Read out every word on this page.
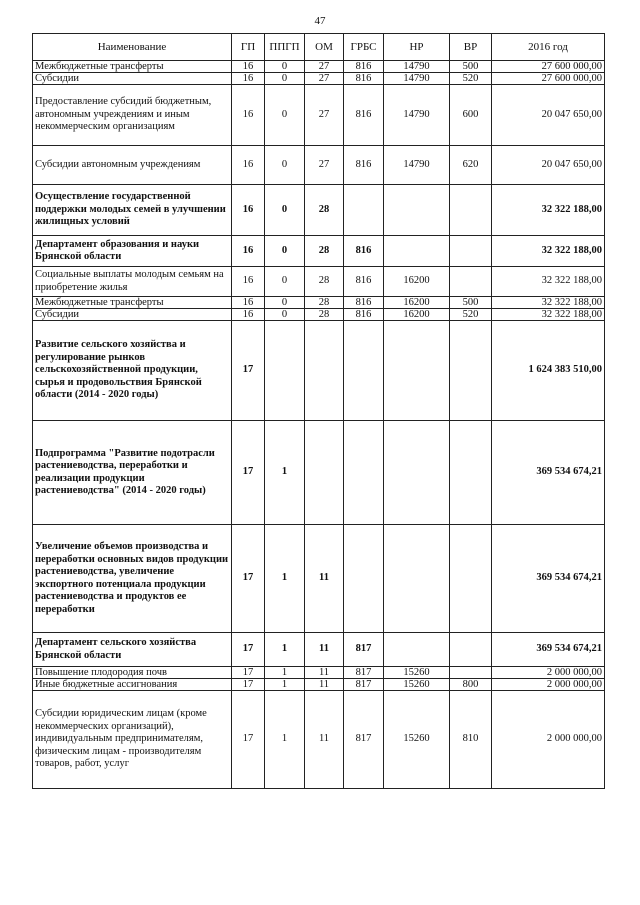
47
Наименование	ГП	ППГП	ОМ	ГРБС	НР	ВР	2016 год
Межбюджетные трансферты	16	0	27	816	14790	500	27 600 000,00
Субсидии	16	0	27	816	14790	520	27 600 000,00
Предоставление субсидий бюджетным, автономным учреждениям и иным некоммерческим организациям	16	0	27	816	14790	600	20 047 650,00
Субсидии автономным учреждениям	16	0	27	816	14790	620	20 047 650,00
Осуществление государственной поддержки молодых семей в улучшении жилищных условий	16	0	28				32 322 188,00
Департамент образования и науки Брянской области	16	0	28	816			32 322 188,00
Социальные выплаты молодым семьям на приобретение жилья	16	0	28	816	16200		32 322 188,00
Межбюджетные трансферты	16	0	28	816	16200	500	32 322 188,00
Субсидии	16	0	28	816	16200	520	32 322 188,00
Развитие сельского хозяйства и регулирование рынков сельскохозяйственной продукции, сырья и продовольствия Брянской области (2014 - 2020 годы)	17						1 624 383 510,00
Подпрограмма "Развитие подотрасли растениеводства, переработки и реализации продукции растениеводства" (2014 - 2020 годы)	17	1					369 534 674,21
Увеличение объемов производства и переработки основных видов продукции растениеводства, увеличение экспортного потенциала продукции растениеводства и продуктов ее переработки	17	1	11				369 534 674,21
Департамент сельского хозяйства Брянской области	17	1	11	817			369 534 674,21
Повышение плодородия почв	17	1	11	817	15260		2 000 000,00
Иные бюджетные ассигнования	17	1	11	817	15260	800	2 000 000,00
Субсидии юридическим лицам (кроме некоммерческих организаций), индивидуальным предпринимателям, физическим лицам - производителям товаров, работ, услуг	17	1	11	817	15260	810	2 000 000,00
